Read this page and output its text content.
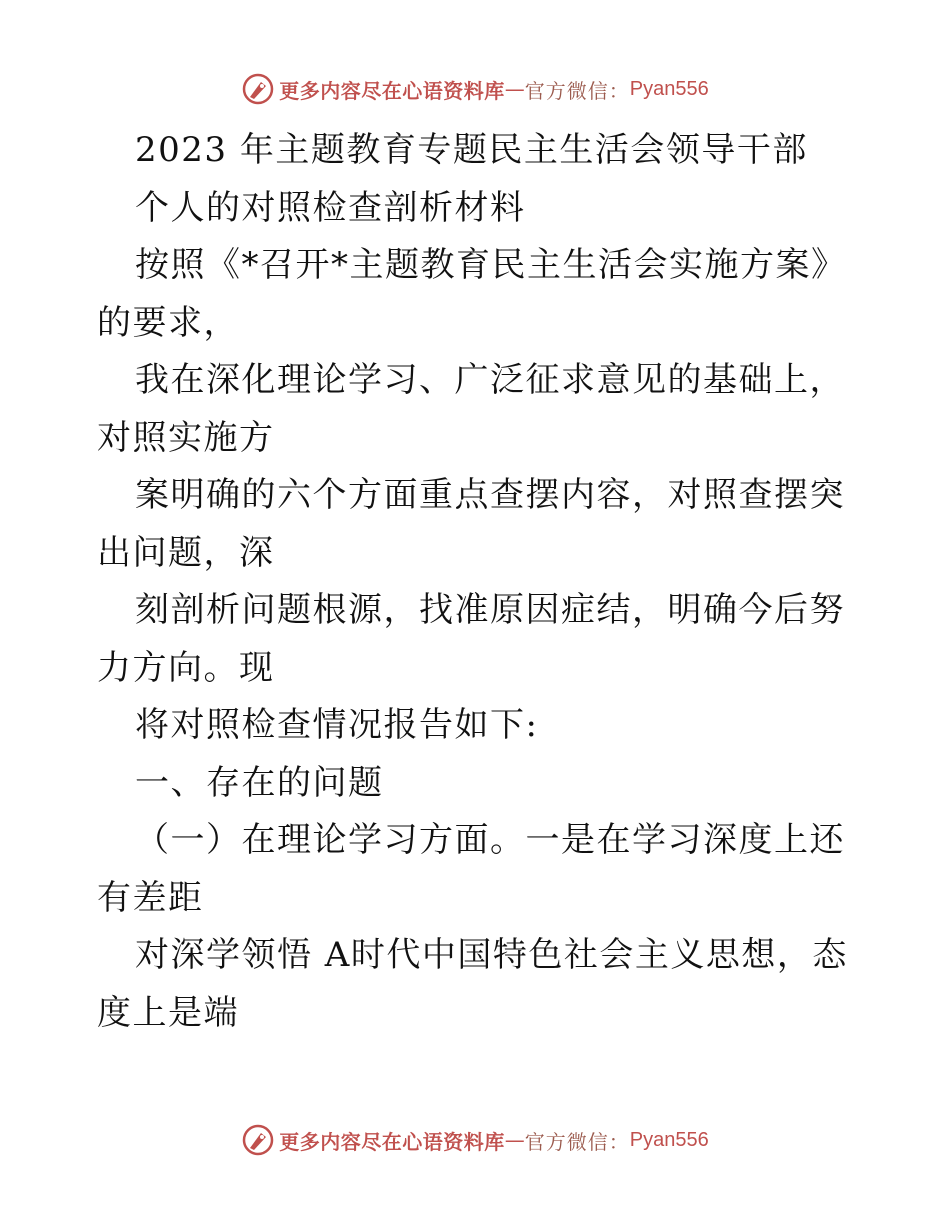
更多内容尽在心语资料库 — 官方微信： Pyan556

2023 年主题教育专题民主生活会领导干部

个人的对照检查剖析材料

按照《*召开*主题教育民主生活会实施方案》的要求，

我在深化理论学习、广泛征求意见的基础上，对照实施方

案明确的六个方面重点查摆内容，对照查摆突出问题，深

刻剖析问题根源，找准原因症结，明确今后努力方向。现

将对照检查情况报告如下:

一、存在的问题

（一）在理论学习方面。一是在学习深度上还有差距

对深学领悟 A时代中国特色社会主义思想，态度上是端

更多内容尽在心语资料库 — 官方微信： Pyan556
